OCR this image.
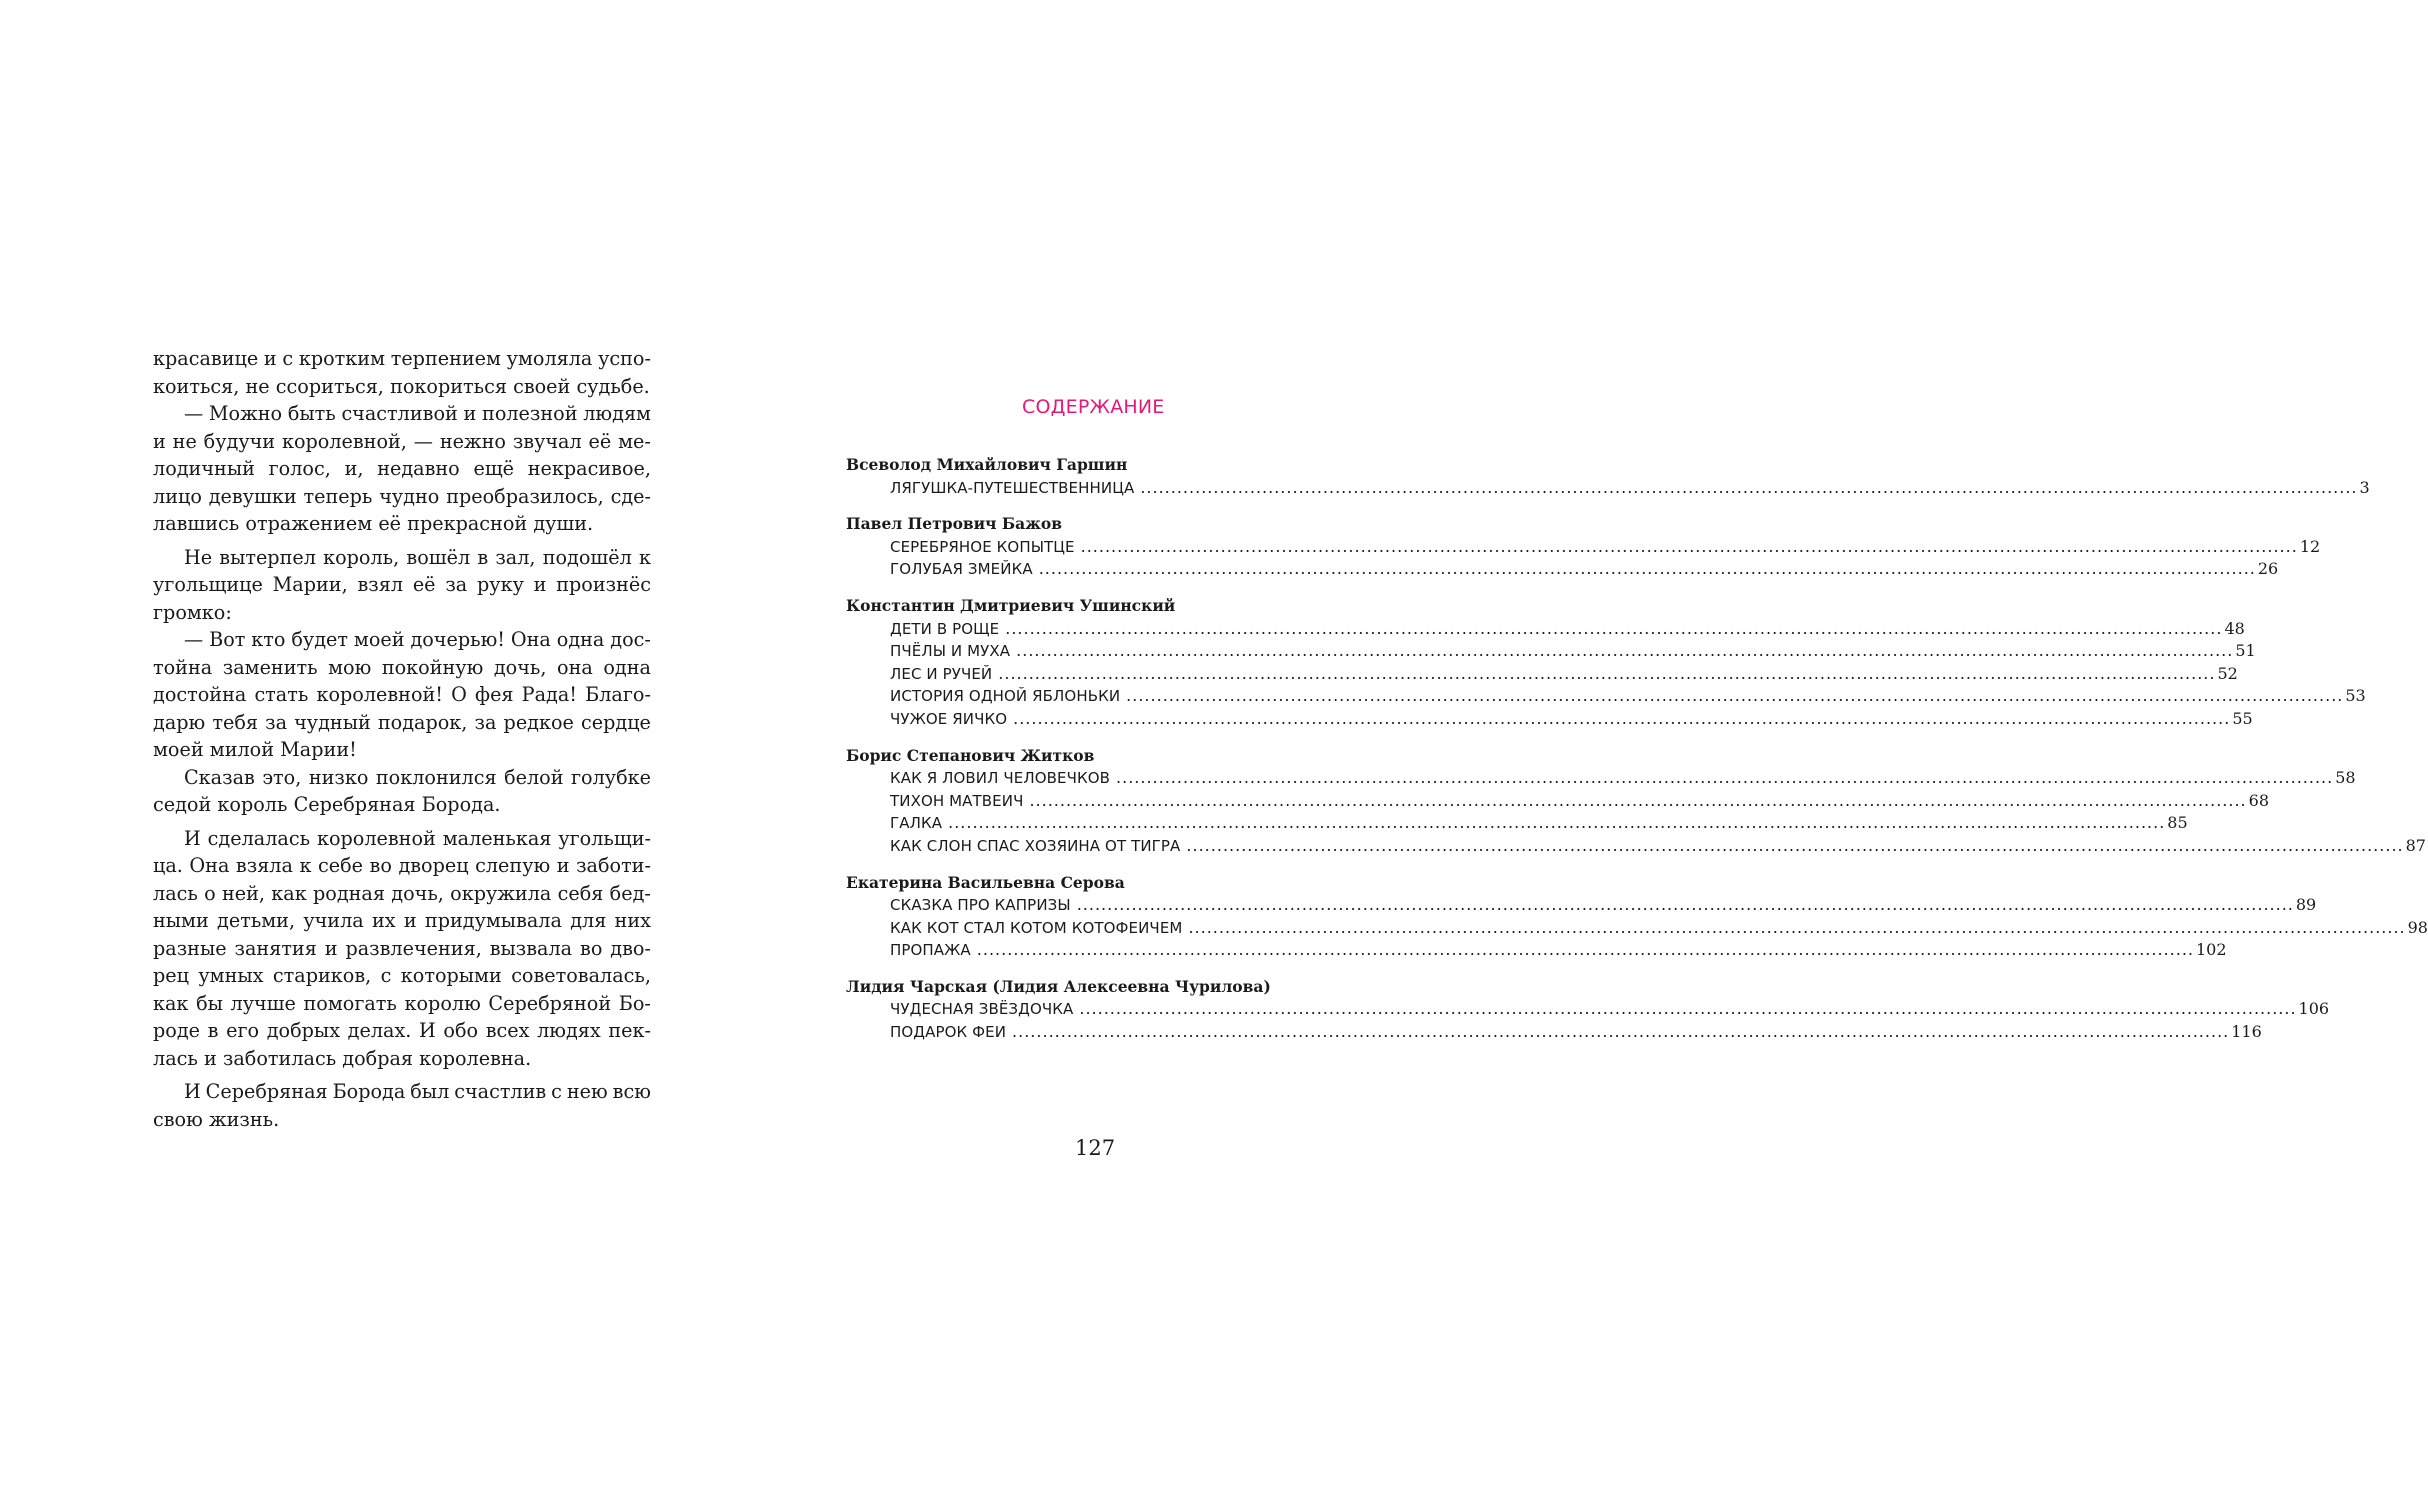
красавице и с кротким терпением умоляла успо-
коиться, не ссориться, покориться своей судьбе.
— Можно быть счастливой и полезной людям
и не будучи королевной, — нежно звучал её ме-
лодичный голос, и, недавно ещё некрасивое,
лицо девушки теперь чудно преобразилось, сде-
лавшись отражением её прекрасной души.
Не вытерпел король, вошёл в зал, подошёл к
угольщице Марии, взял её за руку и произнёс
громко:
— Вот кто будет моей дочерью! Она одна дос-
тойна заменить мою покойную дочь, она одна
достойна стать королевной! О фея Рада! Благо-
дарю тебя за чудный подарок, за редкое сердце
моей милой Марии!
Сказав это, низко поклонился белой голубке
седой король Серебряная Борода.
И сделалась королевной маленькая угольщи-
ца. Она взяла к себе во дворец слепую и заботи-
лась о ней, как родная дочь, окружила себя бед-
ными детьми, учила их и придумывала для них
разные занятия и развлечения, вызвала во дво-
рец умных стариков, с которыми советовалась,
как бы лучше помогать королю Серебряной Бо-
роде в его добрых делах. И обо всех людях пек-
лась и заботилась добрая королевна.
И Серебряная Борода был счастлив с нею всю
свою жизнь.
СОДЕРЖАНИЕ
Всеволод Михайлович Гаршин
ЛЯГУШКА-ПУТЕШЕСТВЕННИЦА ........................................................................................................................................................................................................ 3
Павел Петрович Бажов
СЕРЕБРЯНОЕ КОПЫТЦЕ ........................................................................................................................................................................................................ 12
ГОЛУБАЯ ЗМЕЙКА ........................................................................................................................................................................................................ 26
Константин Дмитриевич Ушинский
ДЕТИ В РОЩЕ ........................................................................................................................................................................................................ 48
ПЧЁЛЫ И МУХА ........................................................................................................................................................................................................ 51
ЛЕС И РУЧЕЙ ........................................................................................................................................................................................................ 52
ИСТОРИЯ ОДНОЙ ЯБЛОНЬКИ ........................................................................................................................................................................................................ 53
ЧУЖОЕ ЯИЧКО ........................................................................................................................................................................................................ 55
Борис Степанович Житков
КАК Я ЛОВИЛ ЧЕЛОВЕЧКОВ ........................................................................................................................................................................................................ 58
ТИХОН МАТВЕИЧ ........................................................................................................................................................................................................ 68
ГАЛКА ........................................................................................................................................................................................................ 85
КАК СЛОН СПАС ХОЗЯИНА ОТ ТИГРА ........................................................................................................................................................................................................ 87
Екатерина Васильевна Серова
СКАЗКА ПРО КАПРИЗЫ ........................................................................................................................................................................................................ 89
КАК КОТ СТАЛ КОТОМ КОТОФЕИЧЕМ ........................................................................................................................................................................................................ 98
ПРОПАЖА ........................................................................................................................................................................................................ 102
Лидия Чарская (Лидия Алексеевна Чурилова)
ЧУДЕСНАЯ ЗВЁЗДОЧКА ........................................................................................................................................................................................................ 106
ПОДАРОК ФЕИ ........................................................................................................................................................................................................ 116
127
